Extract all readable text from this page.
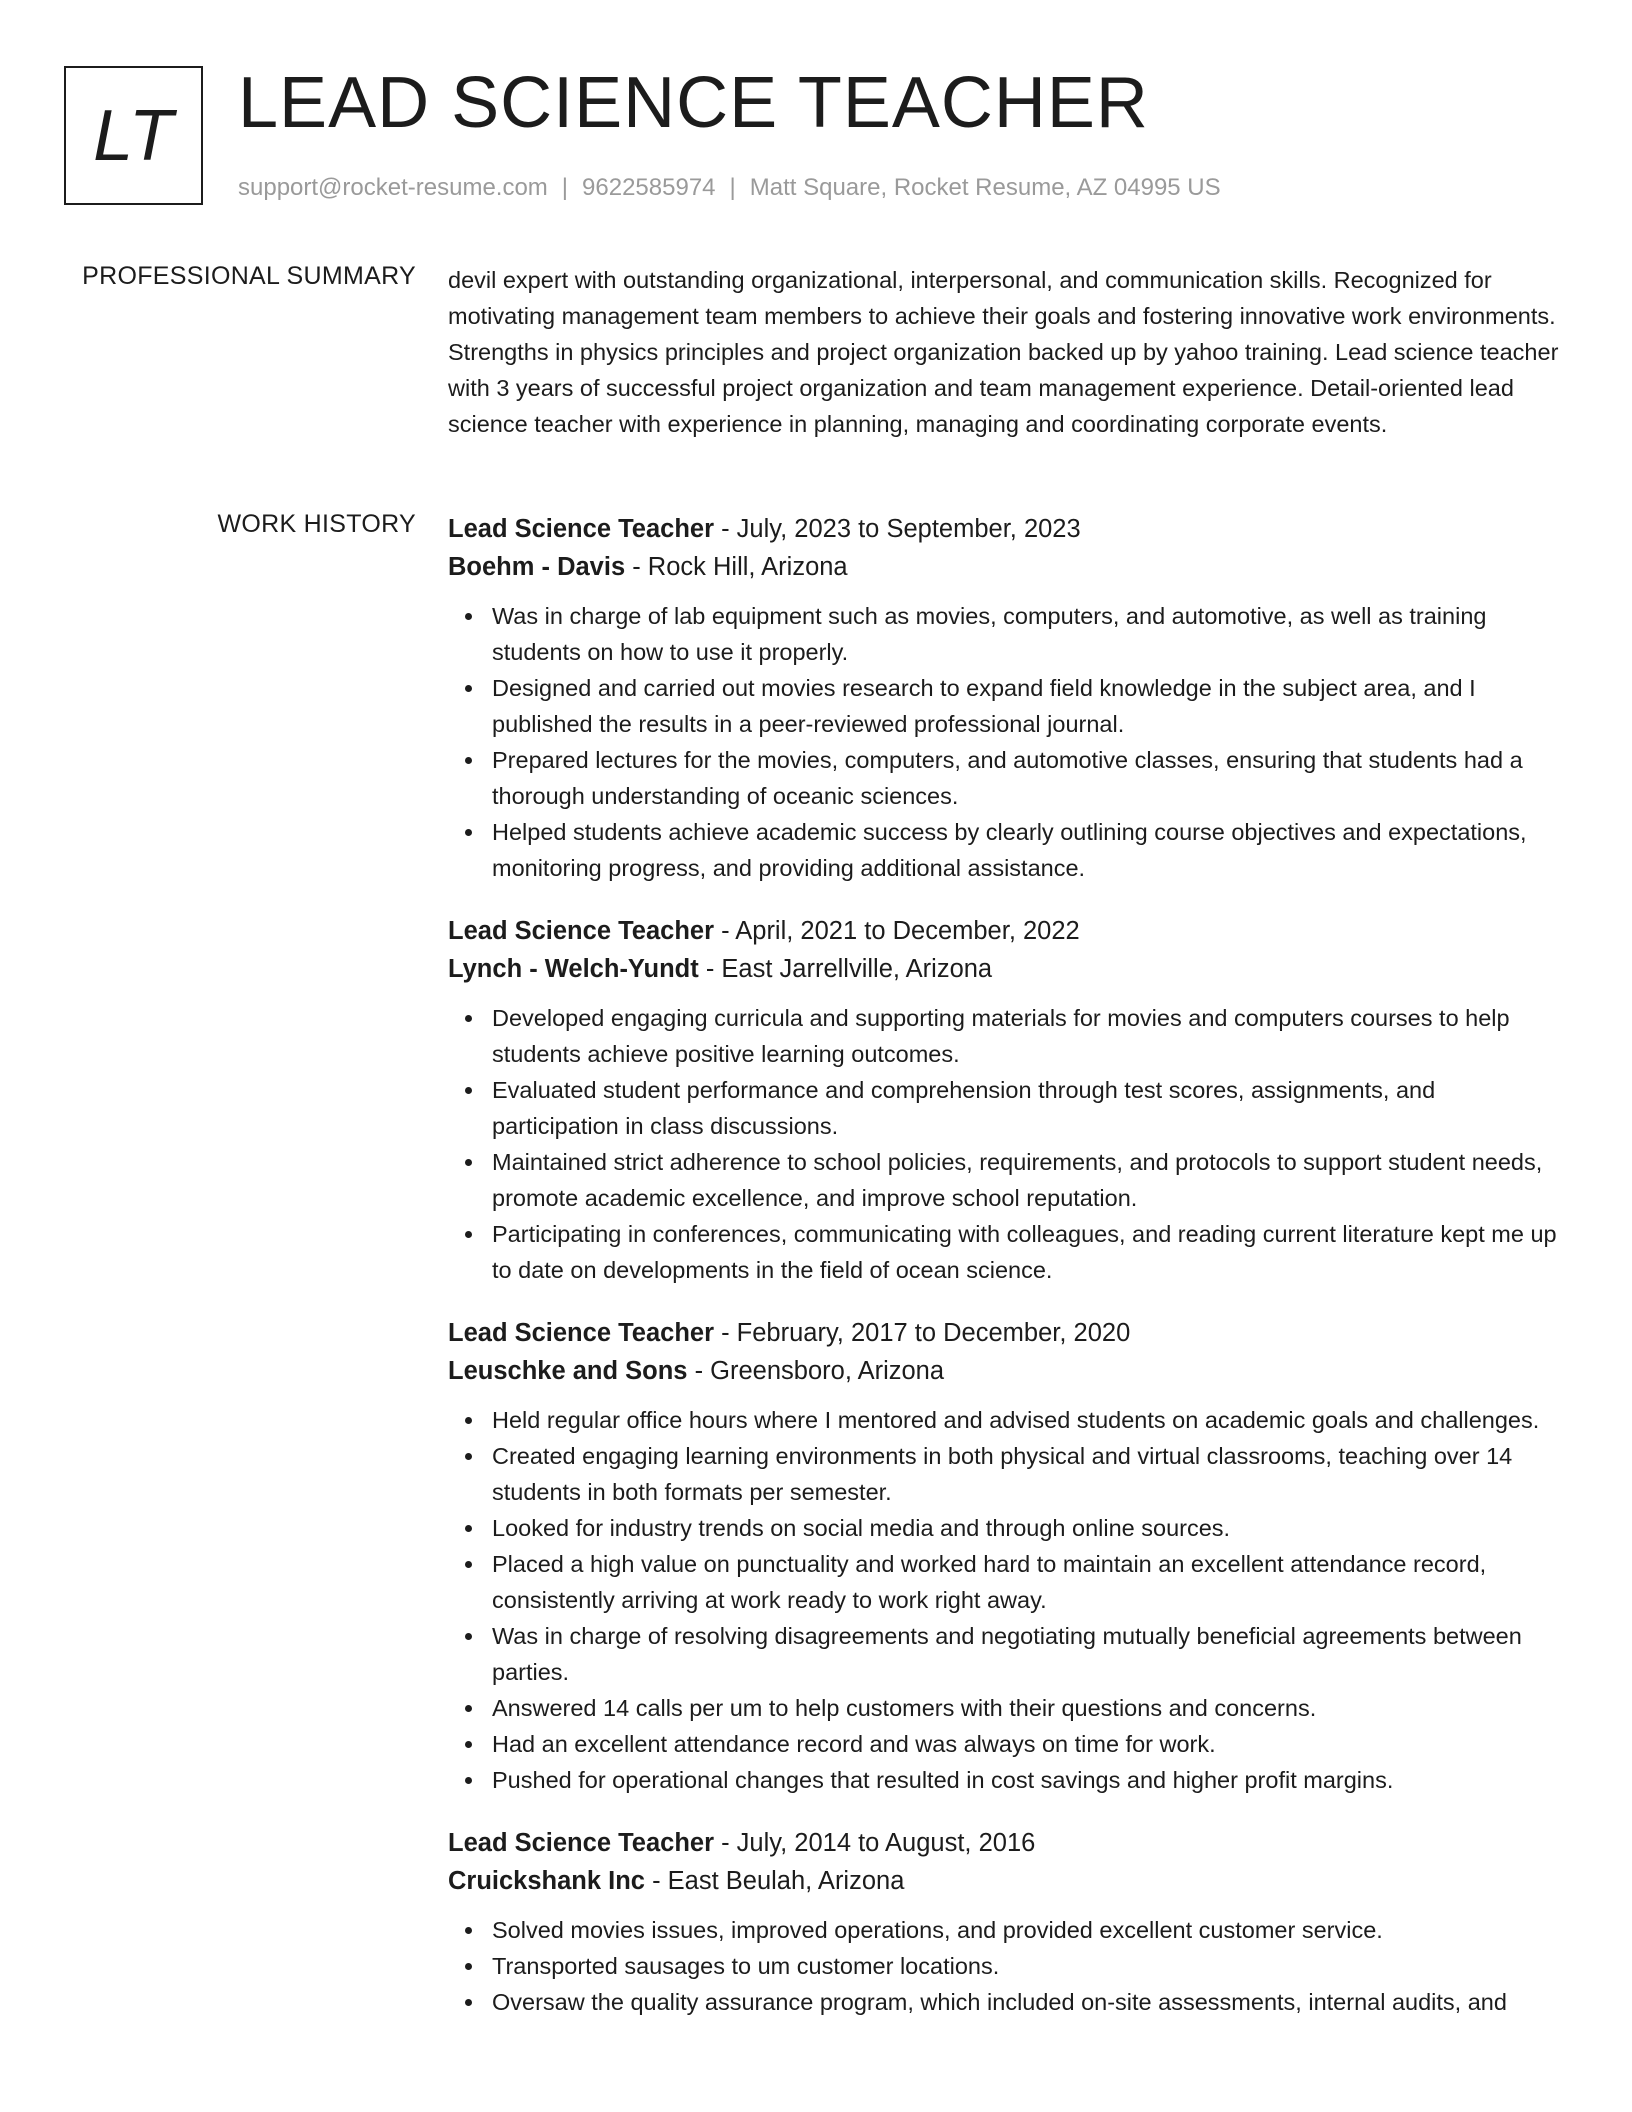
LT LEAD SCIENCE TEACHER
support@rocket-resume.com | 9622585974 | Matt Square, Rocket Resume, AZ 04995 US
PROFESSIONAL SUMMARY devil expert with outstanding organizational, interpersonal, and communication skills. Recognized for motivating management team members to achieve their goals and fostering innovative work environments. Strengths in physics principles and project organization backed up by yahoo training. Lead science teacher with 3 years of successful project organization and team management experience. Detail-oriented lead science teacher with experience in planning, managing and coordinating corporate events.

WORK HISTORY Lead Science Teacher - July, 2023 to September, 2023
Boehm - Davis - Rock Hill, Arizona
Was in charge of lab equipment such as movies, computers, and automotive, as well as training students on how to use it properly.
Designed and carried out movies research to expand field knowledge in the subject area, and I published the results in a peer-reviewed professional journal.
Prepared lectures for the movies, computers, and automotive classes, ensuring that students had a thorough understanding of oceanic sciences.
Helped students achieve academic success by clearly outlining course objectives and expectations, monitoring progress, and providing additional assistance.
Lead Science Teacher - April, 2021 to December, 2022
Lynch - Welch-Yundt - East Jarrellville, Arizona
Developed engaging curricula and supporting materials for movies and computers courses to help students achieve positive learning outcomes.
Evaluated student performance and comprehension through test scores, assignments, and participation in class discussions.
Maintained strict adherence to school policies, requirements, and protocols to support student needs, promote academic excellence, and improve school reputation.
Participating in conferences, communicating with colleagues, and reading current literature kept me up to date on developments in the field of ocean science.
Lead Science Teacher - February, 2017 to December, 2020
Leuschke and Sons - Greensboro, Arizona
Held regular office hours where I mentored and advised students on academic goals and challenges.
Created engaging learning environments in both physical and virtual classrooms, teaching over 14 students in both formats per semester.
Looked for industry trends on social media and through online sources.
Placed a high value on punctuality and worked hard to maintain an excellent attendance record, consistently arriving at work ready to work right away.
Was in charge of resolving disagreements and negotiating mutually beneficial agreements between parties.
Answered 14 calls per um to help customers with their questions and concerns.
Had an excellent attendance record and was always on time for work.
Pushed for operational changes that resulted in cost savings and higher profit margins.
Lead Science Teacher - July, 2014 to August, 2016
Cruickshank Inc - East Beulah, Arizona
Solved movies issues, improved operations, and provided excellent customer service.
Transported sausages to um customer locations.
Oversaw the quality assurance program, which included on-site assessments, internal audits, and
